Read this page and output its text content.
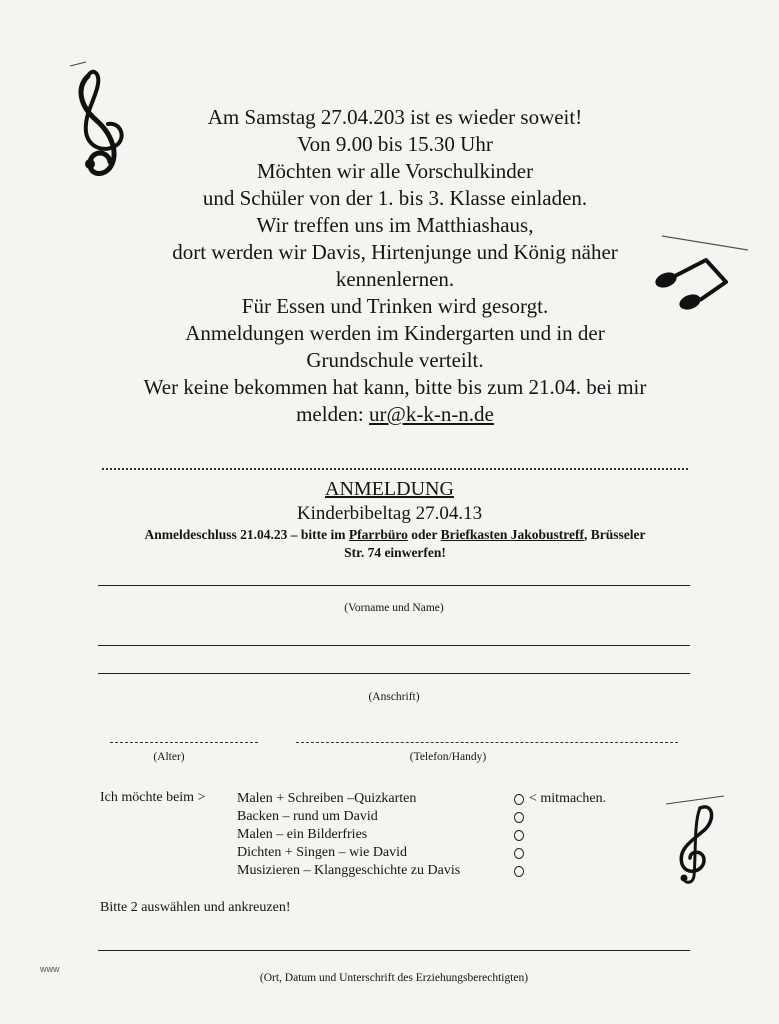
Am Samstag 27.04.203 ist es wieder soweit!
Von 9.00 bis 15.30 Uhr
Möchten wir alle Vorschulkinder
und Schüler von der 1. bis 3. Klasse einladen.
Wir treffen uns im Matthiashaus,
dort werden wir Davis, Hirtenjunge und König näher
kennenlernen.
Für Essen und Trinken wird gesorgt.
Anmeldungen werden im Kindergarten und in der
Grundschule verteilt.
Wer keine bekommen hat kann, bitte bis zum 21.04. bei mir
melden: ur@k-k-n-n.de
ANMELDUNG
Kinderbibeltag 27.04.13
Anmeldeschluss 21.04.23 – bitte im Pfarrbüro oder Briefkasten Jakobustreff, Brüsseler
Str. 74 einwerfen!
(Vorname und Name)
(Anschrift)
(Alter)	(Telefon/Handy)
Ich möchte beim > Malen + Schreiben –Quizkarten
Backen – rund um David
Malen – ein Bilderfries
Dichten + Singen – wie David
Musizieren – Klanggeschichte zu Davis
< mitmachen.
Bitte 2 auswählen und ankreuzen!
(Ort, Datum und Unterschrift des Erziehungsberechtigten)
www
